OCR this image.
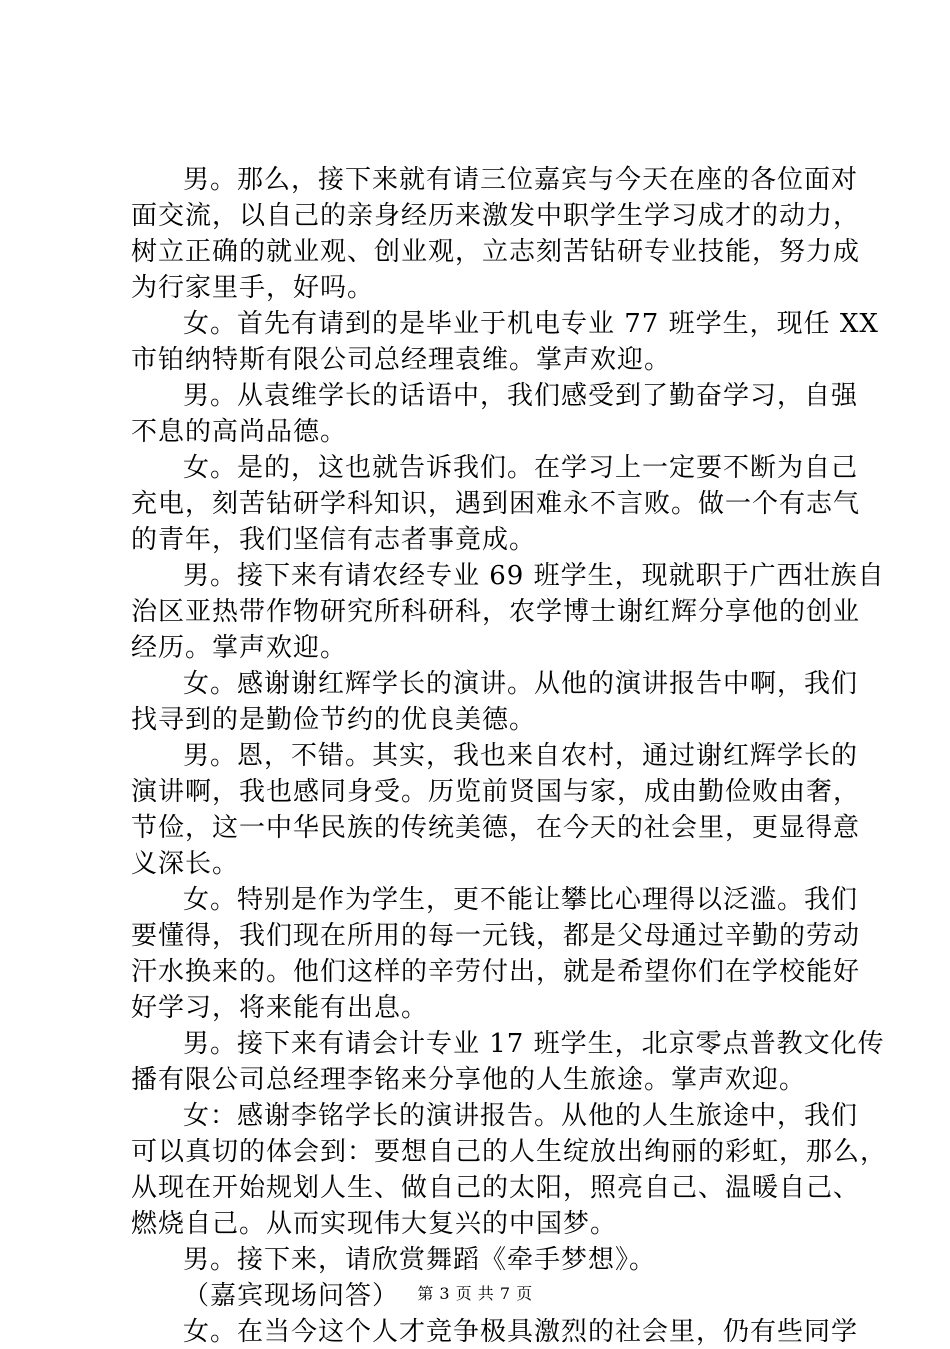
男。那么，接下来就有请三位嘉宾与今天在座的各位面对
面交流，以自己的亲身经历来激发中职学生学习成才的动力，
树立正确的就业观、创业观，立志刻苦钻研专业技能，努力成
为行家里手，好吗。
女。首先有请到的是毕业于机电专业 77 班学生，现任 XX
市铂纳特斯有限公司总经理袁维。掌声欢迎。
男。从袁维学长的话语中，我们感受到了勤奋学习，自强
不息的高尚品德。
女。是的，这也就告诉我们。在学习上一定要不断为自己
充电，刻苦钻研学科知识，遇到困难永不言败。做一个有志气
的青年，我们坚信有志者事竟成。
男。接下来有请农经专业 69 班学生，现就职于广西壮族自
治区亚热带作物研究所科研科，农学博士谢红辉分享他的创业
经历。掌声欢迎。
女。感谢谢红辉学长的演讲。从他的演讲报告中啊，我们
找寻到的是勤俭节约的优良美德。
男。恩，不错。其实，我也来自农村，通过谢红辉学长的
演讲啊，我也感同身受。历览前贤国与家，成由勤俭败由奢，
节俭，这一中华民族的传统美德，在今天的社会里，更显得意
义深长。
女。特别是作为学生，更不能让攀比心理得以泛滥。我们
要懂得，我们现在所用的每一元钱，都是父母通过辛勤的劳动
汗水换来的。他们这样的辛劳付出，就是希望你们在学校能好
好学习，将来能有出息。
男。接下来有请会计专业 17 班学生，北京零点普教文化传
播有限公司总经理李铭来分享他的人生旅途。掌声欢迎。
女：感谢李铭学长的演讲报告。从他的人生旅途中，我们
可以真切的体会到：要想自己的人生绽放出绚丽的彩虹，那么，
从现在开始规划人生、做自己的太阳，照亮自己、温暖自己、
燃烧自己。从而实现伟大复兴的中国梦。
男。接下来，请欣赏舞蹈《牵手梦想》。
（嘉宾现场问答）
女。在当今这个人才竞争极具激烈的社会里，仍有些同学
第 3 页 共 7 页
